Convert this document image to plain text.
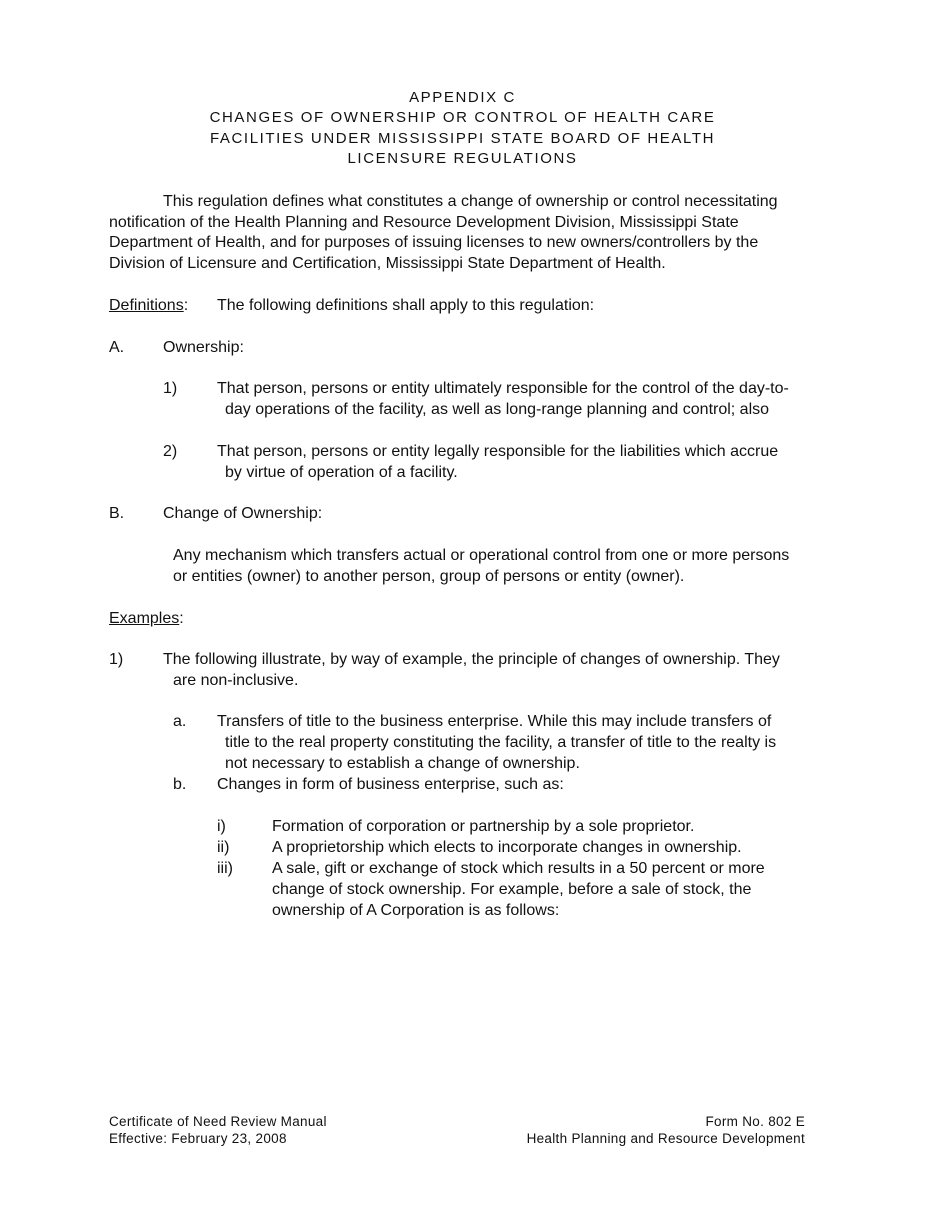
APPENDIX C
CHANGES OF OWNERSHIP OR CONTROL OF HEALTH CARE
FACILITIES UNDER MISSISSIPPI STATE BOARD OF HEALTH
LICENSURE REGULATIONS
This regulation defines what constitutes a change of ownership or control necessitating
notification of the Health Planning and Resource Development Division, Mississippi State
Department of Health, and for purposes of issuing licenses to new owners/controllers by the
Division of Licensure and Certification, Mississippi State Department of Health.
Definitions: The following definitions shall apply to this regulation:
A. Ownership:
1) That person, persons or entity ultimately responsible for the control of the day-to-
day operations of the facility, as well as long-range planning and control; also
2) That person, persons or entity legally responsible for the liabilities which accrue
by virtue of operation of a facility.
B. Change of Ownership:
Any mechanism which transfers actual or operational control from one or more persons
or entities (owner) to another person, group of persons or entity (owner).
Examples:
1) The following illustrate, by way of example, the principle of changes of ownership. They
are non-inclusive.
a. Transfers of title to the business enterprise. While this may include transfers of
title to the real property constituting the facility, a transfer of title to the realty is
not necessary to establish a change of ownership.
b. Changes in form of business enterprise, such as:
i)	Formation of corporation or partnership by a sole proprietor.
ii)	A proprietorship which elects to incorporate changes in ownership.
iii) A sale, gift or exchange of stock which results in a 50 percent or more
change of stock ownership. For example, before a sale of stock, the
ownership of A Corporation is as follows:
Certificate of Need Review Manual
Effective: February 23, 2008
Form No. 802 E
Health Planning and Resource Development
